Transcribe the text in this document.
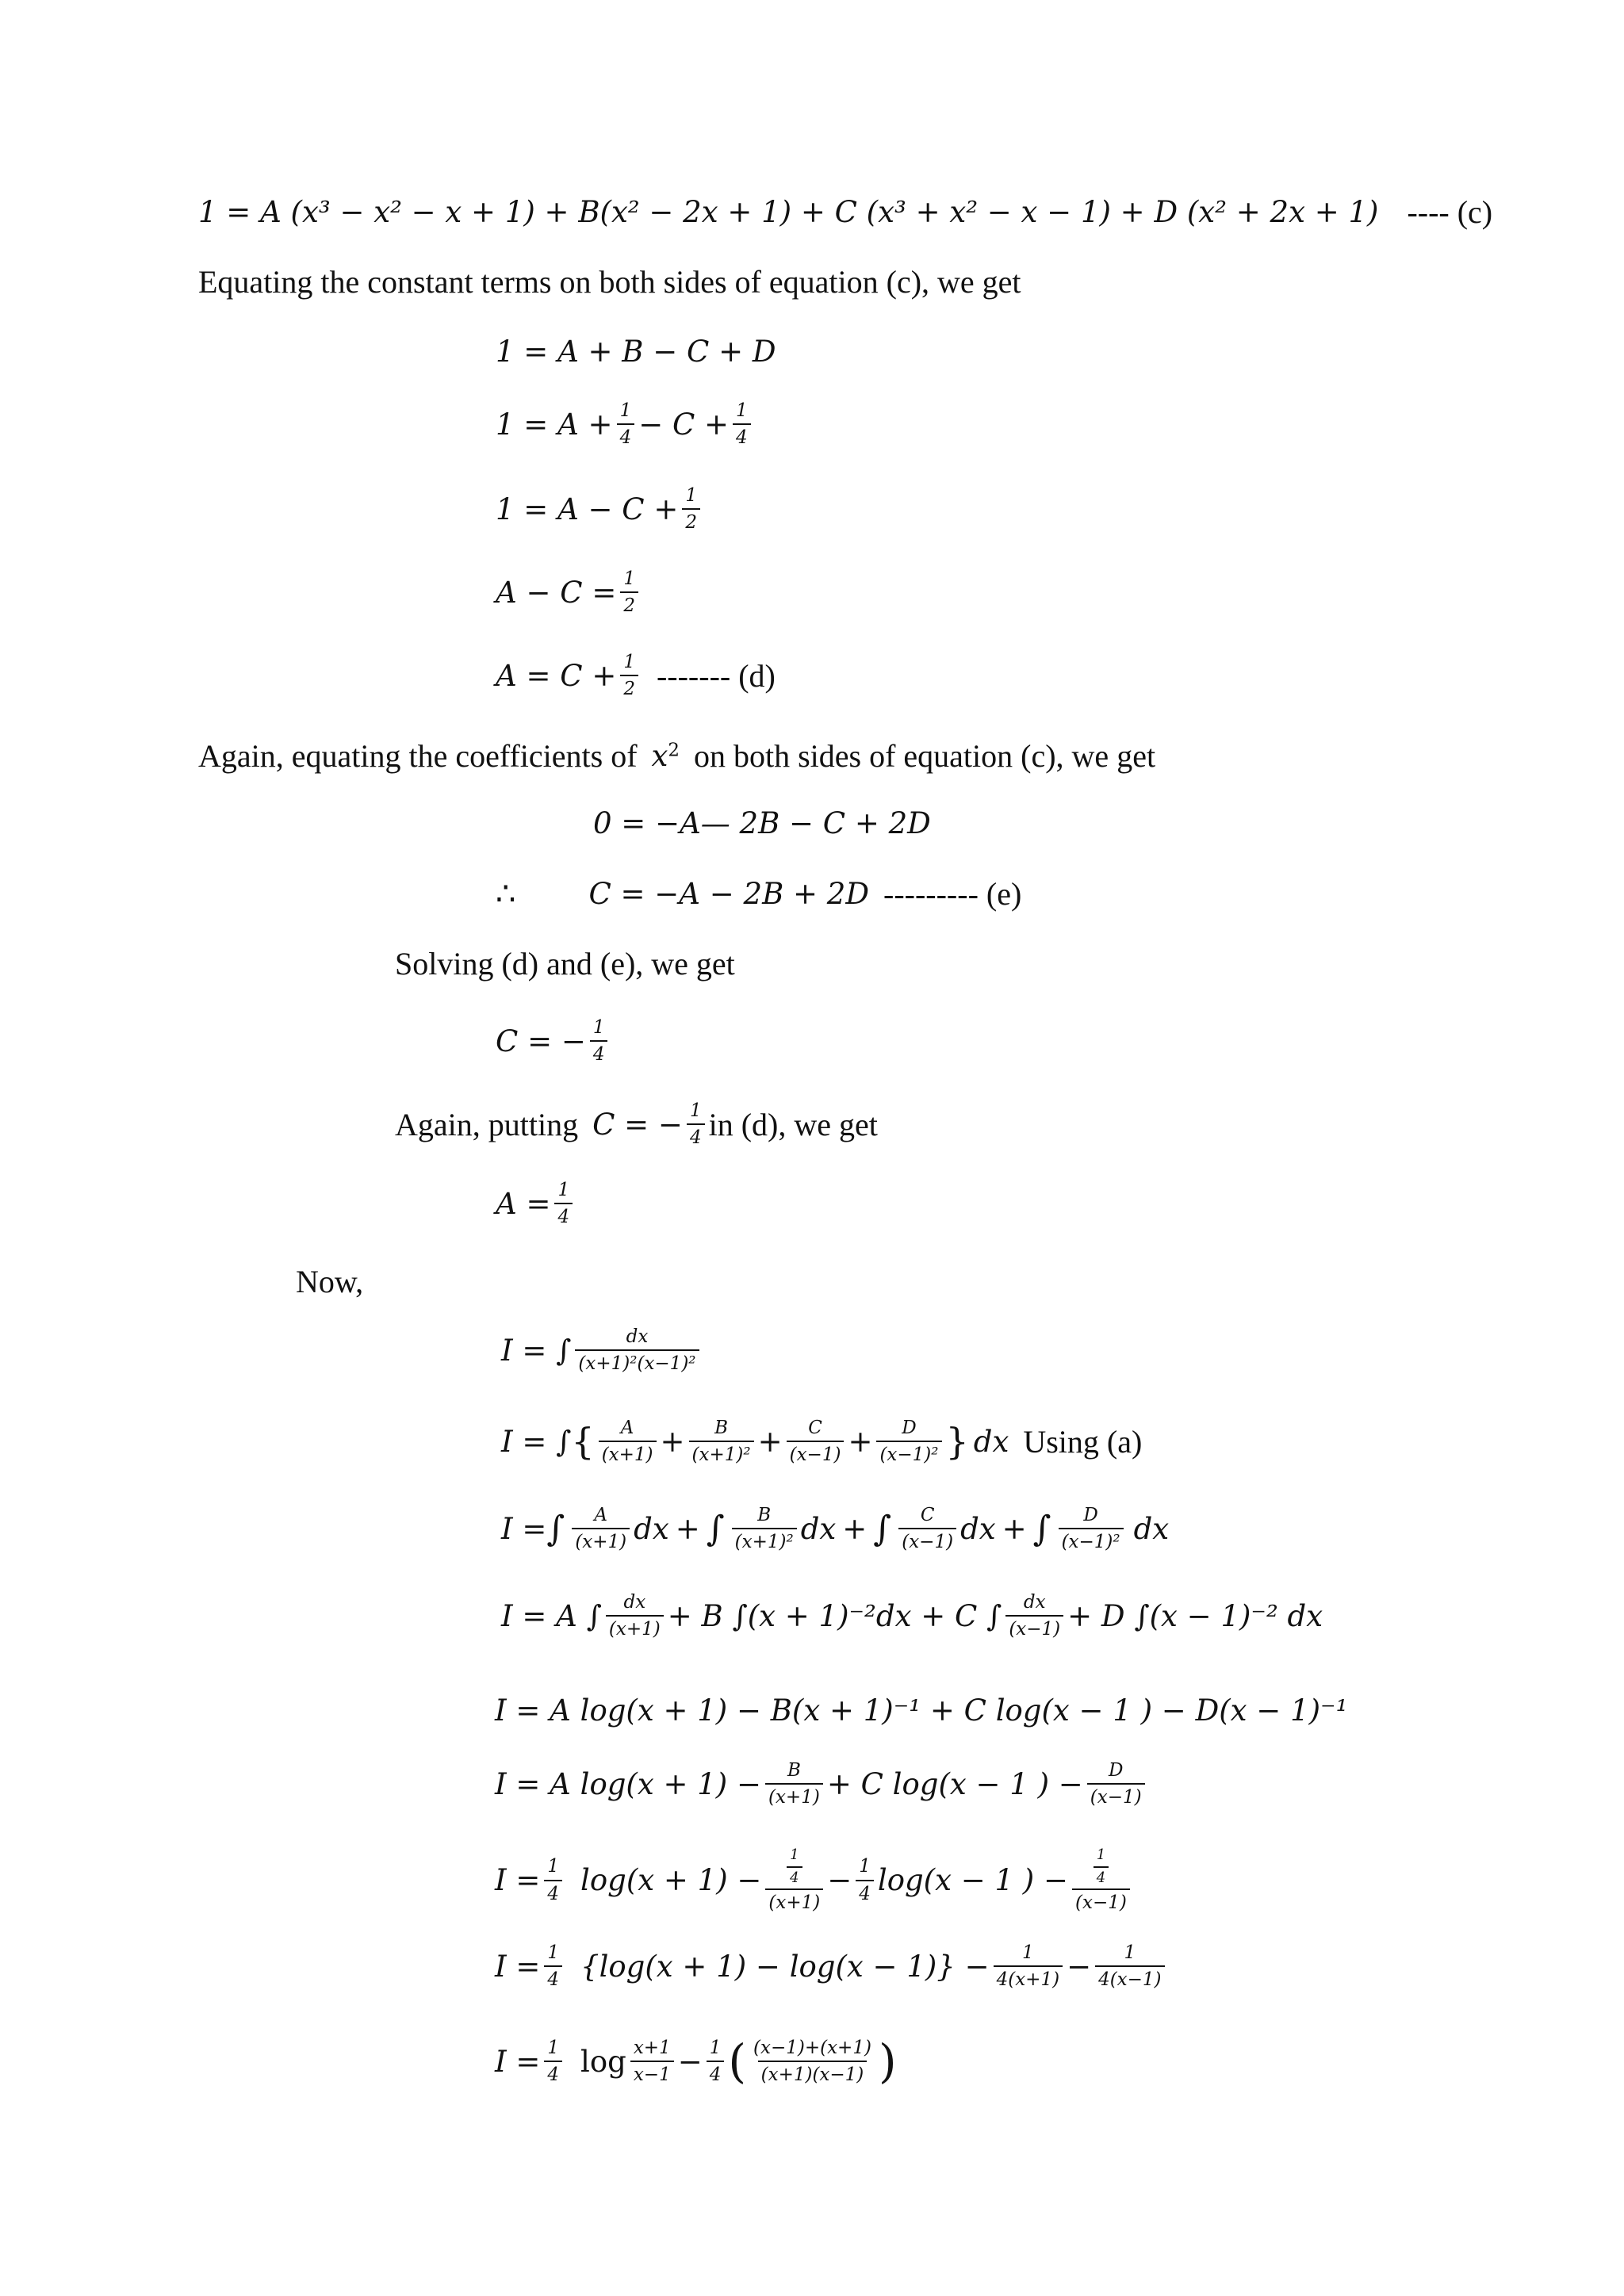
1 = A (x³ − x² − x + 1) + B(x² − 2x + 1) + C (x³ + x² − x − 1) + D (x² + 2x + 1) ---- (c)
Equating the constant terms on both sides of equation (c), we get
1 = A + B − C + D
$1 = A + \frac{1}{4} - C + \frac{1}{4}$
$1 = A - C + \frac{1}{2}$
$A - C = \frac{1}{2}$
$A = C + \frac{1}{2}$ ------- (d)
Again, equating the coefficients of $x^2$ on both sides of equation (c), we get
0 = −A— 2B − C + 2D
∴ C = −A − 2B + 2D --------- (e)
Solving (d) and (e), we get
C = − $\frac{1}{4}$
Again, putting C = − $\frac{1}{4}$ in (d), we get
$A = \frac{1}{4}$
Now,
I = ∫ $\frac{dx}{\text{(x+1)²(x−1)²}}$
I = ∫ { $\frac{A}{(x+1)} + \frac{B}{\text{(x+1)²}} + \frac{C}{(x-1)} + \frac{D}{\text{(x−1)²}}$ } dx Using (a)
I = ∫ $\frac{A}{(x+1)}$ dx + ∫ $\frac{B}{\text{(x+1)²}}$ dx + ∫ $\frac{C}{(x-1)}$ dx + ∫ $\frac{D}{\text{(x−1)²}}$ dx
I = A ∫ $\frac{dx}{(x+1)} + B$ ∫(x + 1)⁻²dx + C ∫ $\frac{dx}{(x-1)} + D$ ∫(x − 1)⁻² dx
I = A log(x + 1) − B(x + 1)⁻¹ + C log(x − 1 ) − D(x − 1)⁻¹
I = A $\log(x + 1) - \frac{B}{(x+1)} + C$ log(x − 1 ) − $\frac{D}{(x-1)}$
$I = \frac{1}{4} \log(x + 1) - \frac{\frac{1}{4}}{(x+1)} - \frac{1}{4} \log(x - 1$ ) − $\frac{\frac{1}{4}}{(x-1)}$
$I = \frac{1}{4} \{\log(x + 1) - \log(x - 1)\} - \frac{1}{4(x+1)} - \frac{1}{4(x-1)}$
$I = \frac{1}{4}$ $\log \frac{x+1}{x-1} - \frac{1}{4}$ ( $\frac{(x-1)+(x+1)}{(x+1)(x-1)}$ )
